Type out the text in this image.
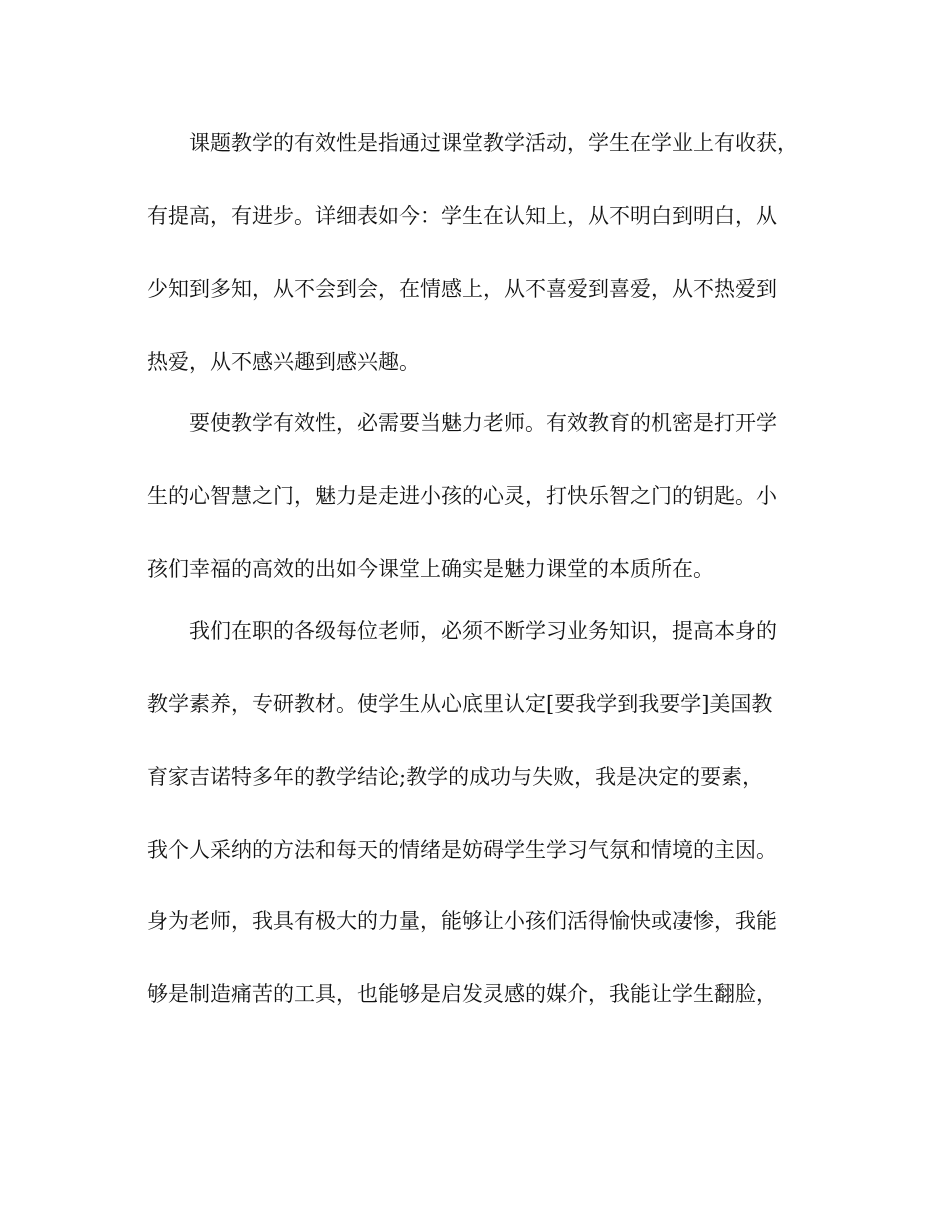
课题教学的有效性是指通过课堂教学活动，学生在学业上有收获，
有提高，有进步。详细表如今：学生在认知上，从不明白到明白，从
少知到多知，从不会到会，在情感上，从不喜爱到喜爱，从不热爱到
热爱，从不感兴趣到感兴趣。
要使教学有效性，必需要当魅力老师。有效教育的机密是打开学
生的心智慧之门，魅力是走进小孩的心灵，打快乐智之门的钥匙。小
孩们幸福的高效的出如今课堂上确实是魅力课堂的本质所在。
我们在职的各级每位老师，必须不断学习业务知识，提高本身的
教学素养，专研教材。使学生从心底里认定[要我学到我要学]美国教
育家吉诺特多年的教学结论;教学的成功与失败，我是决定的要素，
我个人采纳的方法和每天的情绪是妨碍学生学习气氛和情境的主因。
身为老师，我具有极大的力量，能够让小孩们活得愉快或凄惨，我能
够是制造痛苦的工具，也能够是启发灵感的媒介，我能让学生翻脸，
